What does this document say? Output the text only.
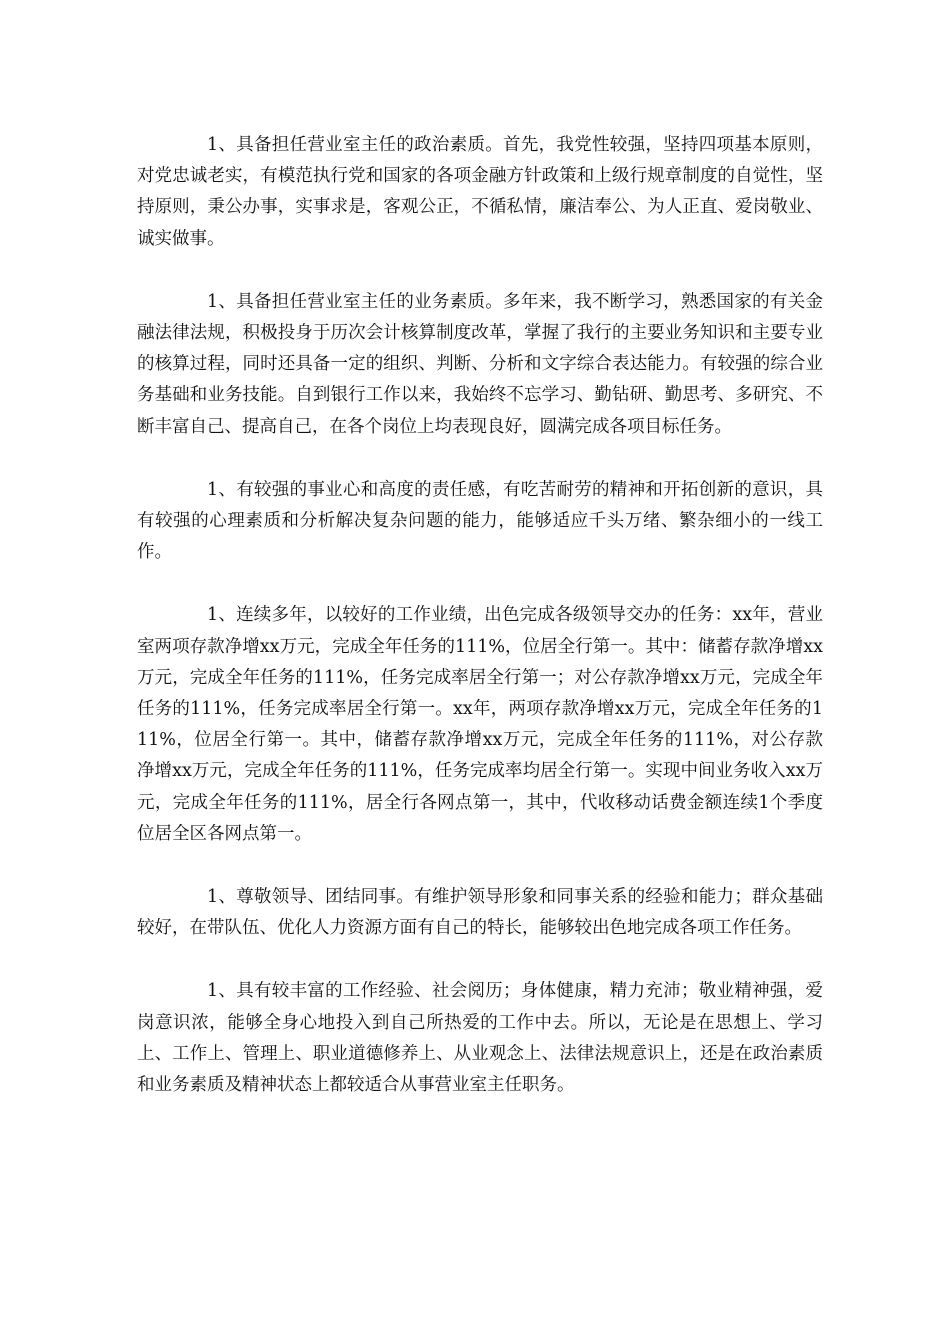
1、具备担任营业室主任的政治素质。首先，我党性较强，坚持四项基本原则，对党忠诚老实，有模范执行党和国家的各项金融方针政策和上级行规章制度的自觉性，坚持原则，秉公办事，实事求是，客观公正，不循私情，廉洁奉公、为人正直、爱岗敬业、诚实做事。

1、具备担任营业室主任的业务素质。多年来，我不断学习，熟悉国家的有关金融法律法规，积极投身于历次会计核算制度改革，掌握了我行的主要业务知识和主要专业的核算过程，同时还具备一定的组织、判断、分析和文字综合表达能力。有较强的综合业务基础和业务技能。自到银行工作以来，我始终不忘学习、勤钻研、勤思考、多研究、不断丰富自己、提高自己，在各个岗位上均表现良好，圆满完成各项目标任务。

1、有较强的事业心和高度的责任感，有吃苦耐劳的精神和开拓创新的意识，具有较强的心理素质和分析解决复杂问题的能力，能够适应千头万绪、繁杂细小的一线工作。

1、连续多年，以较好的工作业绩，出色完成各级领导交办的任务：xx年，营业室两项存款净增xx万元，完成全年任务的111%，位居全行第一。其中：储蓄存款净增xx万元，完成全年任务的111%，任务完成率居全行第一；对公存款净增xx万元，完成全年任务的111%，任务完成率居全行第一。xx年，两项存款净增xx万元，完成全年任务的111%，位居全行第一。其中，储蓄存款净增xx万元，完成全年任务的111%，对公存款净增xx万元，完成全年任务的111%，任务完成率均居全行第一。实现中间业务收入xx万元，完成全年任务的111%，居全行各网点第一，其中，代收移动话费金额连续1个季度位居全区各网点第一。

1、尊敬领导、团结同事。有维护领导形象和同事关系的经验和能力；群众基础较好，在带队伍、优化人力资源方面有自己的特长，能够较出色地完成各项工作任务。

1、具有较丰富的工作经验、社会阅历；身体健康，精力充沛；敬业精神强，爱岗意识浓，能够全身心地投入到自己所热爱的工作中去。所以，无论是在思想上、学习上、工作上、管理上、职业道德修养上、从业观念上、法律法规意识上，还是在政治素质和业务素质及精神状态上都较适合从事营业室主任职务。
